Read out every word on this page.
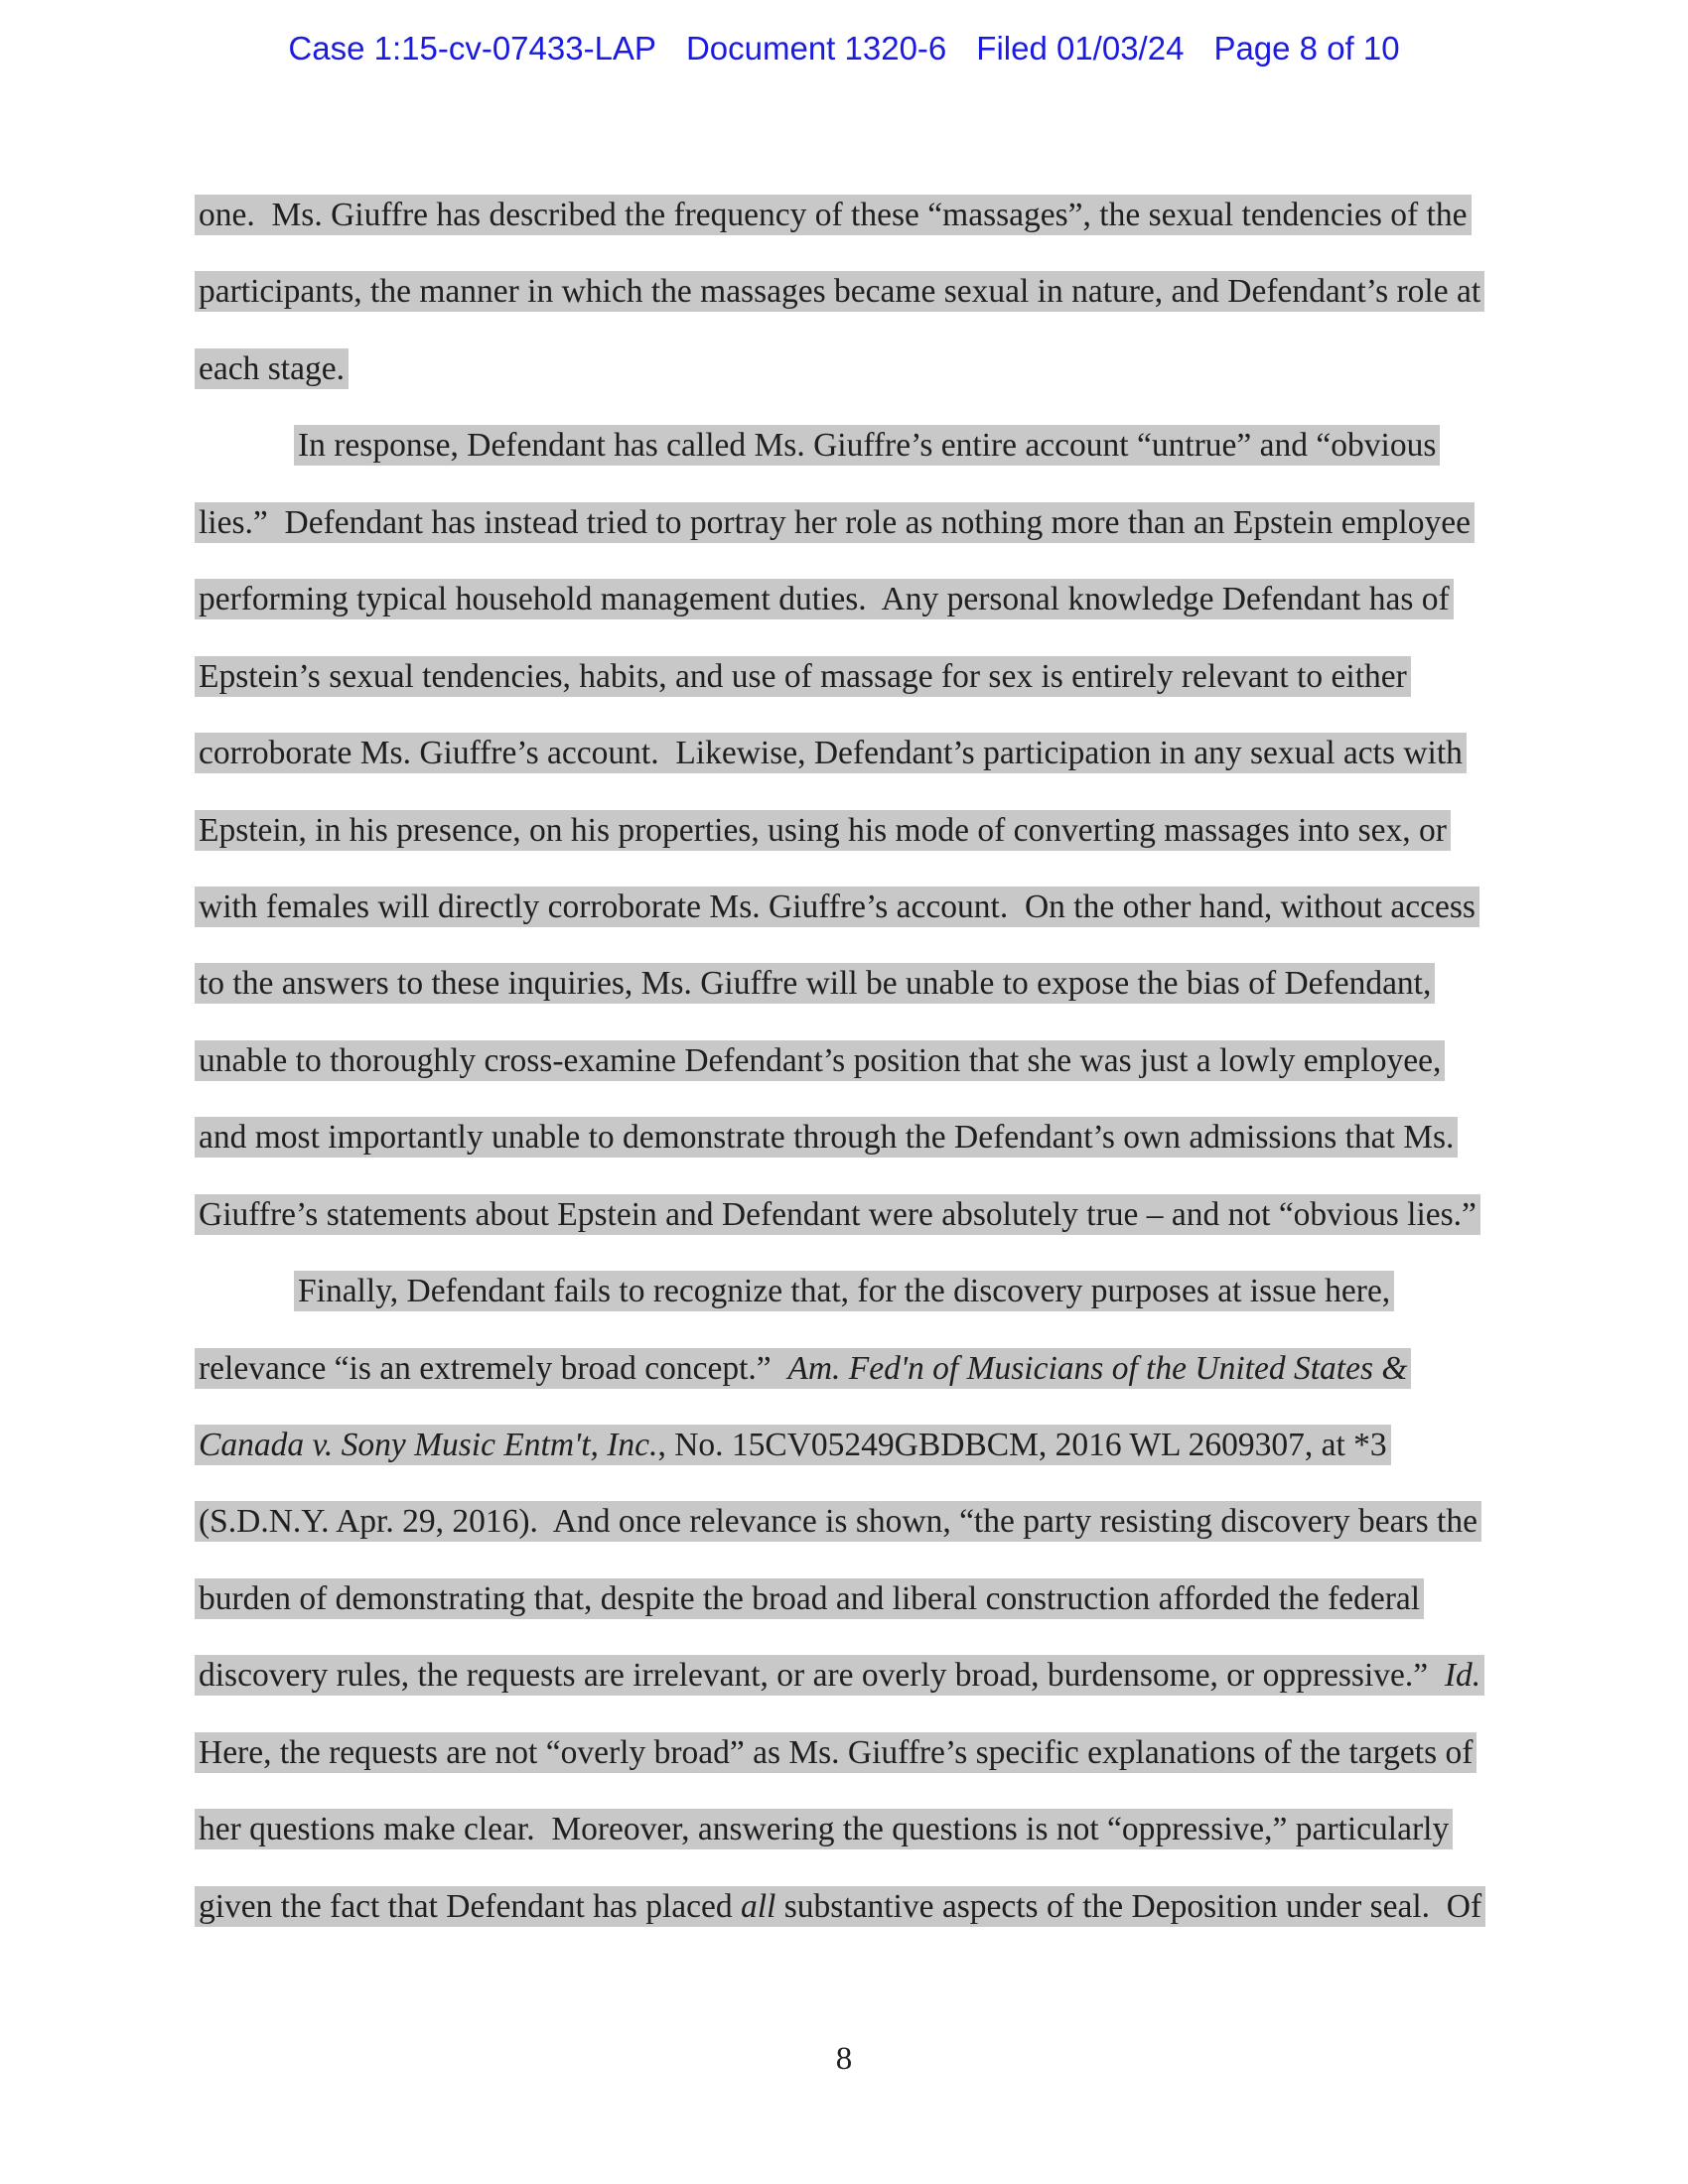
Case 1:15-cv-07433-LAP Document 1320-6 Filed 01/03/24 Page 8 of 10
one.  Ms. Giuffre has described the frequency of these “massages”, the sexual tendencies of the
participants, the manner in which the massages became sexual in nature, and Defendant’s role at
each stage.
In response, Defendant has called Ms. Giuffre’s entire account “untrue” and “obvious
lies.”  Defendant has instead tried to portray her role as nothing more than an Epstein employee
performing typical household management duties.  Any personal knowledge Defendant has of
Epstein’s sexual tendencies, habits, and use of massage for sex is entirely relevant to either
corroborate Ms. Giuffre’s account.  Likewise, Defendant’s participation in any sexual acts with
Epstein, in his presence, on his properties, using his mode of converting massages into sex, or
with females will directly corroborate Ms. Giuffre’s account.  On the other hand, without access
to the answers to these inquiries, Ms. Giuffre will be unable to expose the bias of Defendant,
unable to thoroughly cross-examine Defendant’s position that she was just a lowly employee,
and most importantly unable to demonstrate through the Defendant’s own admissions that Ms.
Giuffre’s statements about Epstein and Defendant were absolutely true – and not “obvious lies.”
Finally, Defendant fails to recognize that, for the discovery purposes at issue here,
relevance “is an extremely broad concept.”  Am. Fed'n of Musicians of the United States &
Canada v. Sony Music Entm't, Inc., No. 15CV05249GBDBCM, 2016 WL 2609307, at *3
(S.D.N.Y. Apr. 29, 2016).  And once relevance is shown, “the party resisting discovery bears the
burden of demonstrating that, despite the broad and liberal construction afforded the federal
discovery rules, the requests are irrelevant, or are overly broad, burdensome, or oppressive.”  Id.
Here, the requests are not “overly broad” as Ms. Giuffre’s specific explanations of the targets of
her questions make clear.  Moreover, answering the questions is not “oppressive,” particularly
given the fact that Defendant has placed all substantive aspects of the Deposition under seal.  Of
8
